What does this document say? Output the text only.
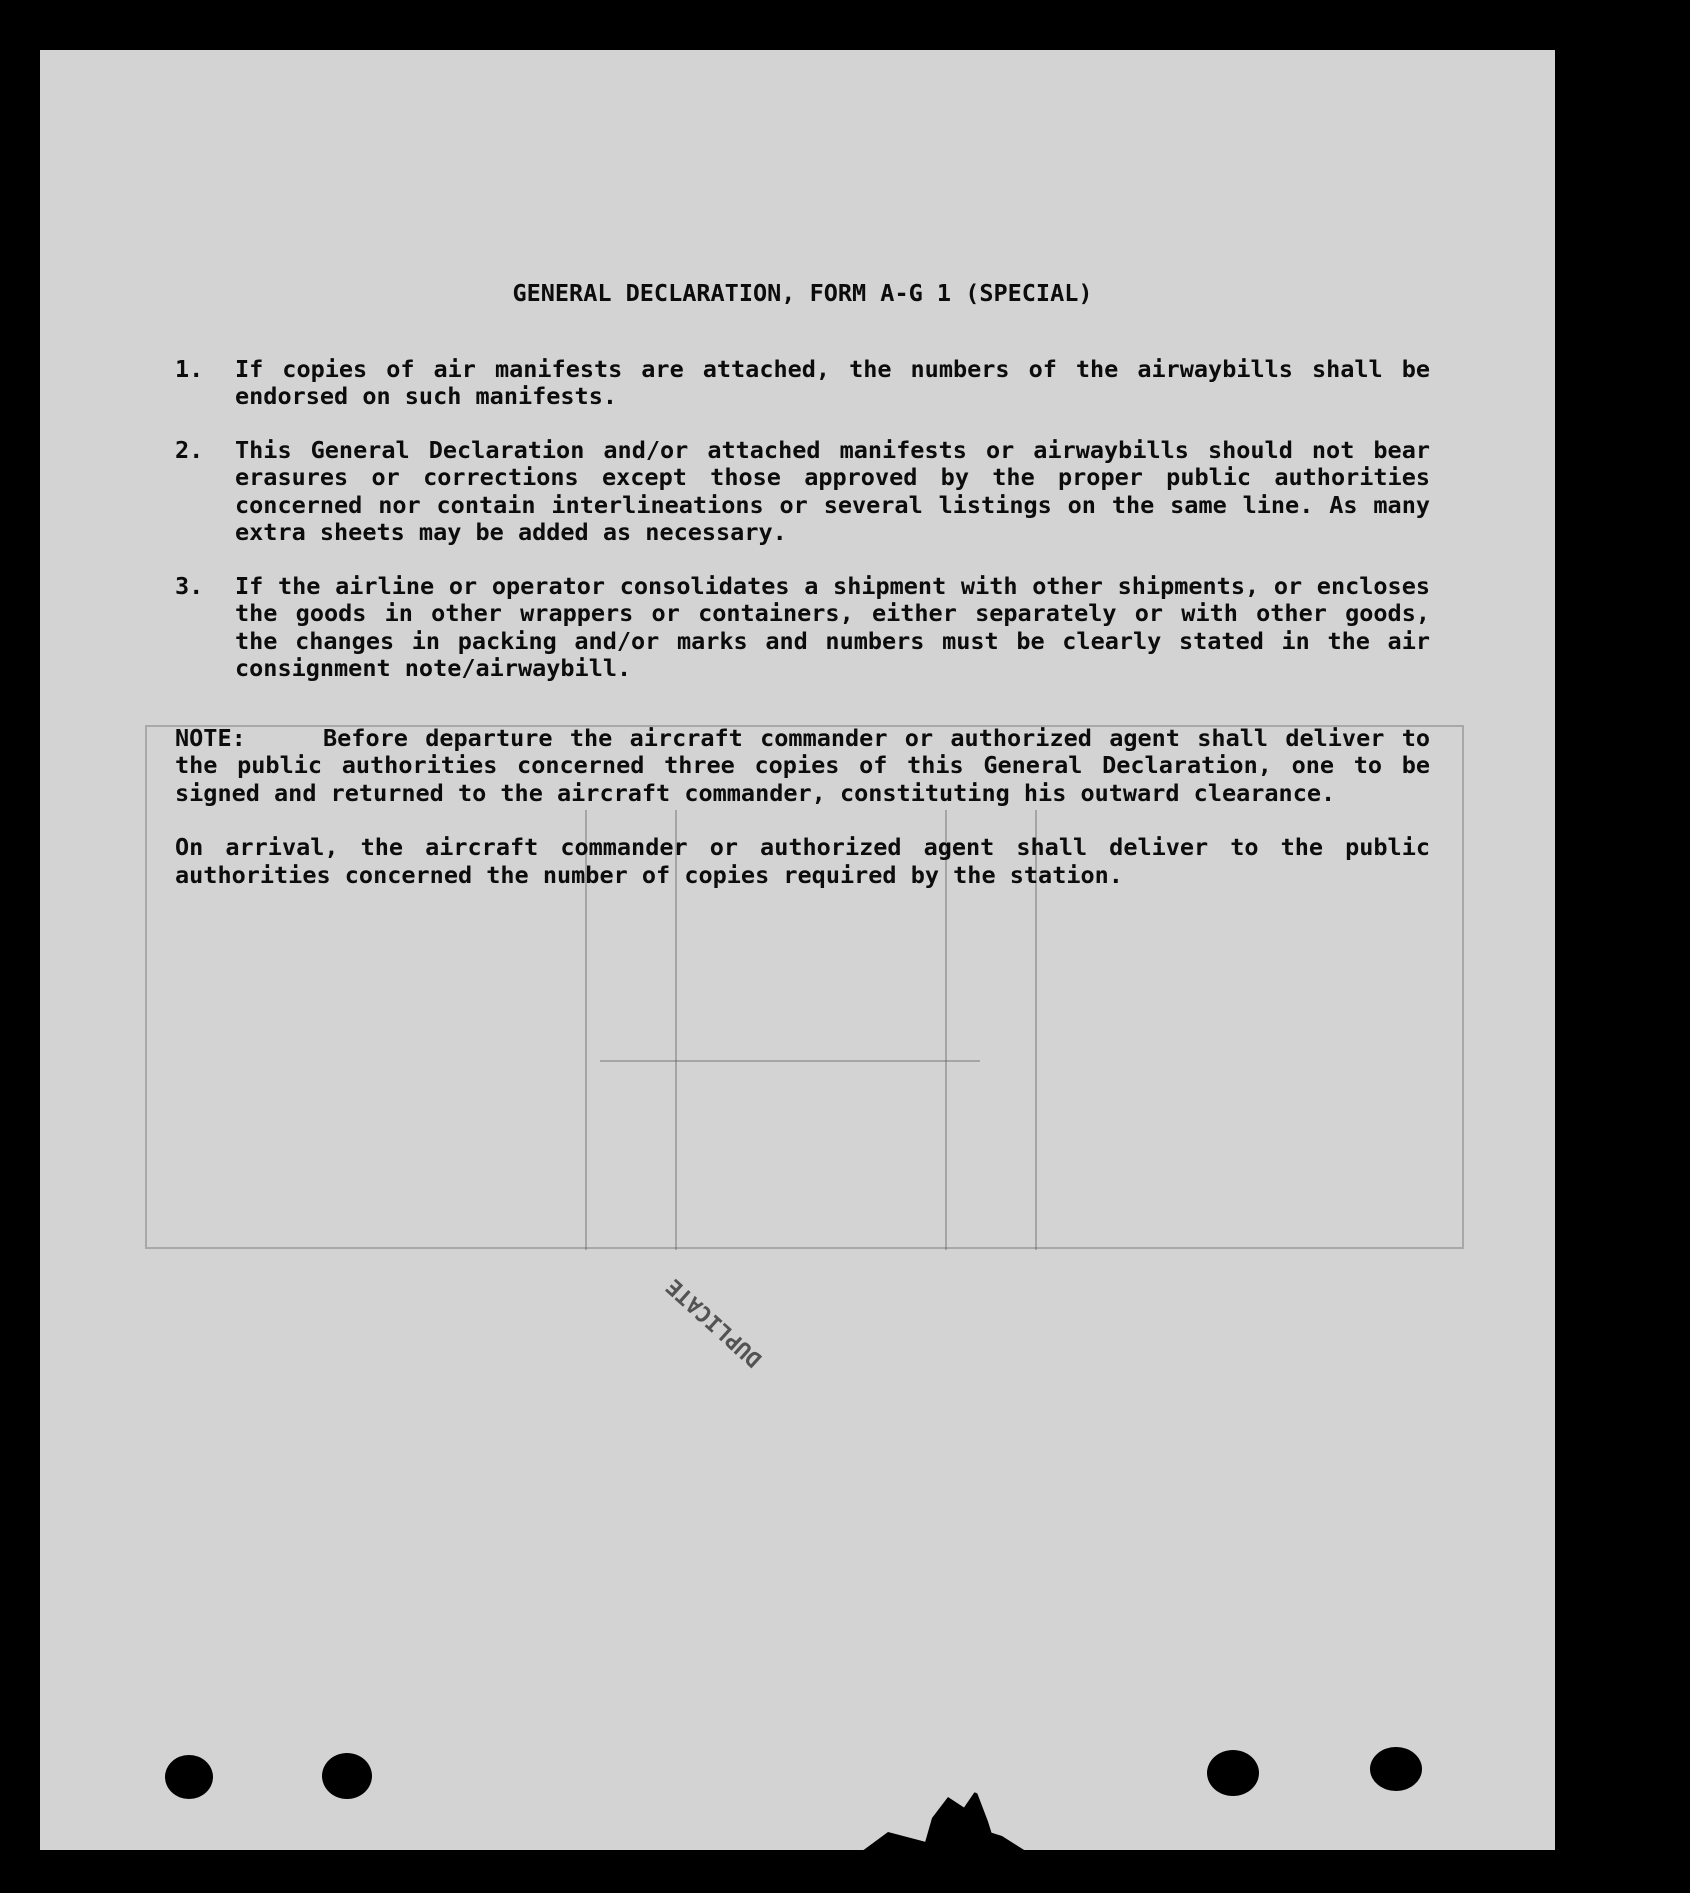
GENERAL DECLARATION, FORM A-G 1 (SPECIAL)
1.	If copies of air manifests are attached, the numbers of the airwaybills shall be endorsed on such manifests.
2.	This General Declaration and/or attached manifests or airwaybills should not bear erasures or corrections except those approved by the proper public authorities concerned nor contain interlineations or several listings on the same line. As many extra sheets may be added as necessary.
3.	If the airline or operator consolidates a shipment with other shipments, or encloses the goods in other wrappers or containers, either separately or with other goods, the changes in packing and/or marks and numbers must be clearly stated in the air consignment note/airwaybill.
NOTE:	Before departure the aircraft commander or authorized agent shall deliver to the public authorities concerned three copies of this General Declaration, one to be signed and returned to the aircraft commander, constituting his outward clearance.
On arrival, the aircraft commander or authorized agent shall deliver to the public authorities concerned the number of copies required by the station.
DUPLICATE
